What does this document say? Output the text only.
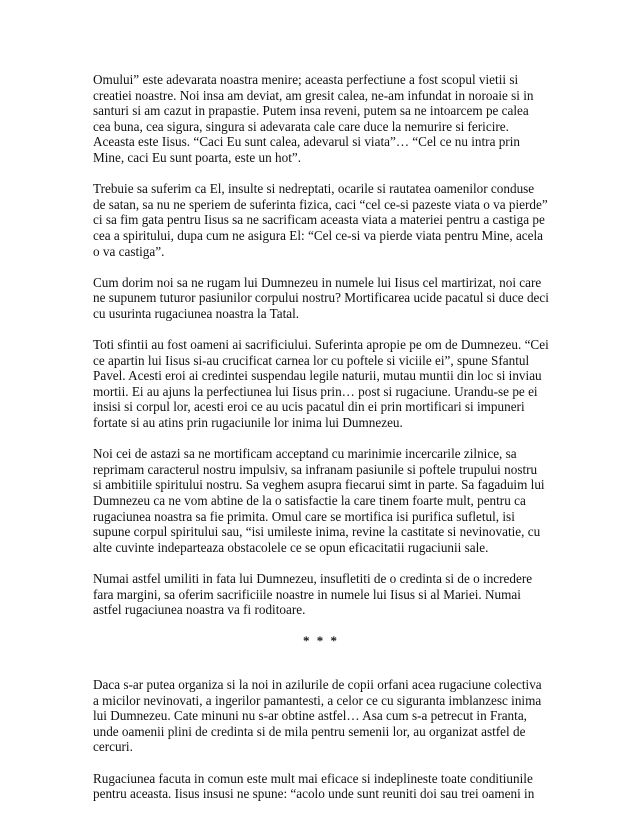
Omului” este adevarata noastra menire; aceasta perfectiune a fost scopul vietii si creatiei noastre. Noi insa am deviat, am gresit calea, ne-am infundat in noroaie si in santuri si am cazut in prapastie. Putem insa reveni, putem sa ne intoarcem pe calea cea buna, cea sigura, singura si adevarata cale care duce la nemurire si fericire. Aceasta este Iisus. “Caci Eu sunt calea, adevarul si viata”… “Cel ce nu intra prin Mine, caci Eu sunt poarta, este un hot”.

Trebuie sa suferim ca El, insulte si nedreptati, ocarile si rautatea oamenilor conduse de satan, sa nu ne speriem de suferinta fizica, caci “cel ce-si pazeste viata o va pierde” ci sa fim gata pentru Iisus sa ne sacrificam aceasta viata a materiei pentru a castiga pe cea a spiritului, dupa cum ne asigura El: “Cel ce-si va pierde viata pentru Mine, acela o va castiga”.

Cum dorim noi sa ne rugam lui Dumnezeu in numele lui Iisus cel martirizat, noi care ne supunem tuturor pasiunilor corpului nostru? Mortificarea ucide pacatul si duce deci cu usurinta rugaciunea noastra la Tatal.

Toti sfintii au fost oameni ai sacrificiului. Suferinta apropie pe om de Dumnezeu. “Cei ce apartin lui Iisus si-au crucificat carnea lor cu poftele si viciile ei”, spune Sfantul Pavel. Acesti eroi ai credintei suspendau legile naturii, mutau muntii din loc si inviau mortii. Ei au ajuns la perfectiunea lui Iisus prin… post si rugaciune. Urandu-se pe ei insisi si corpul lor, acesti eroi ce au ucis pacatul din ei prin mortificari si impuneri fortate si au atins prin rugaciunile lor inima lui Dumnezeu.

Noi cei de astazi sa ne mortificam acceptand cu marinimie incercarile zilnice, sa reprimam caracterul nostru impulsiv, sa infranam pasiunile si poftele trupului nostru si ambitiile spiritului nostru. Sa veghem asupra fiecarui simt in parte. Sa fagaduim lui Dumnezeu ca ne vom abtine de la o satisfactie la care tinem foarte mult, pentru ca rugaciunea noastra sa fie primita. Omul care se mortifica isi purifica sufletul, isi supune corpul spiritului sau, “isi umileste inima, revine la castitate si nevinovatie, cu alte cuvinte indeparteaza obstacolele ce se opun eficacitatii rugaciunii sale.

Numai astfel umiliti in fata lui Dumnezeu, insufletiti de o credinta si de o incredere fara margini, sa oferim sacrificiile noastre in numele lui Iisus si al Mariei. Numai astfel rugaciunea noastra va fi roditoare.

* * *

Daca s-ar putea organiza si la noi in azilurile de copii orfani acea rugaciune colectiva a micilor nevinovati, a ingerilor pamantesti, a celor ce cu siguranta imblanzesc inima lui Dumnezeu. Cate minuni nu s-ar obtine astfel… Asa cum s-a petrecut in Franta, unde oamenii plini de credinta si de mila pentru semenii lor, au organizat astfel de cercuri.

Rugaciunea facuta in comun este mult mai eficace si indeplineste toate conditiunile pentru aceasta. Iisus insusi ne spune: “acolo unde sunt reuniti doi sau trei oameni in
